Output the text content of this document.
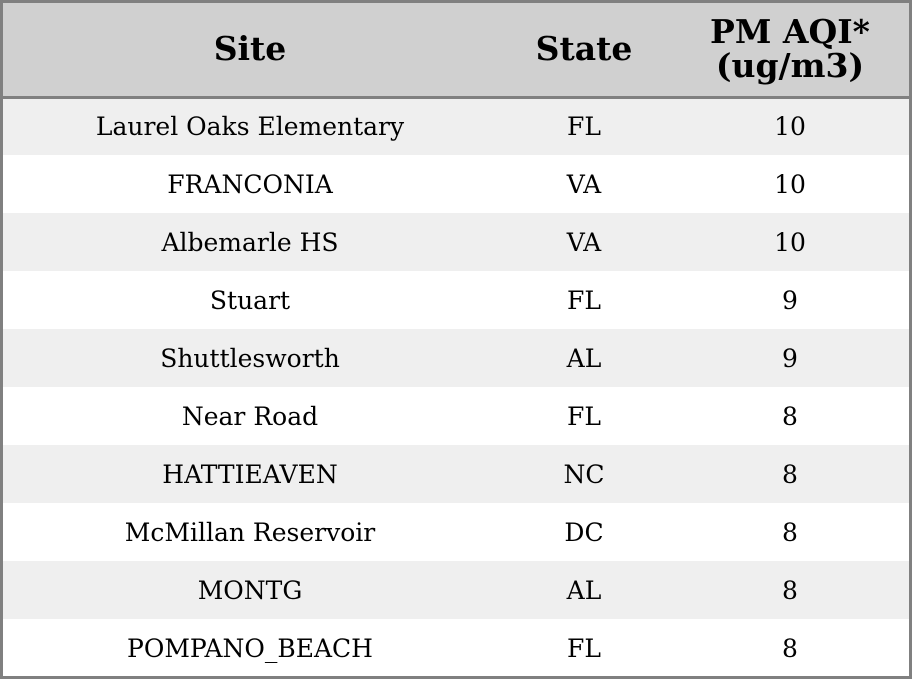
Site	State	PM AQI*
(ug/m3)

Laurel Oaks Elementary	FL	10
FRANCONIA	VA	10
Albemarle HS	VA	10
Stuart	FL	9
Shuttlesworth	AL	9
Near Road	FL	8
HATTIEAVEN	NC	8
McMillan Reservoir	DC	8
MONTG	AL	8
POMPANO_BEACH	FL	8
